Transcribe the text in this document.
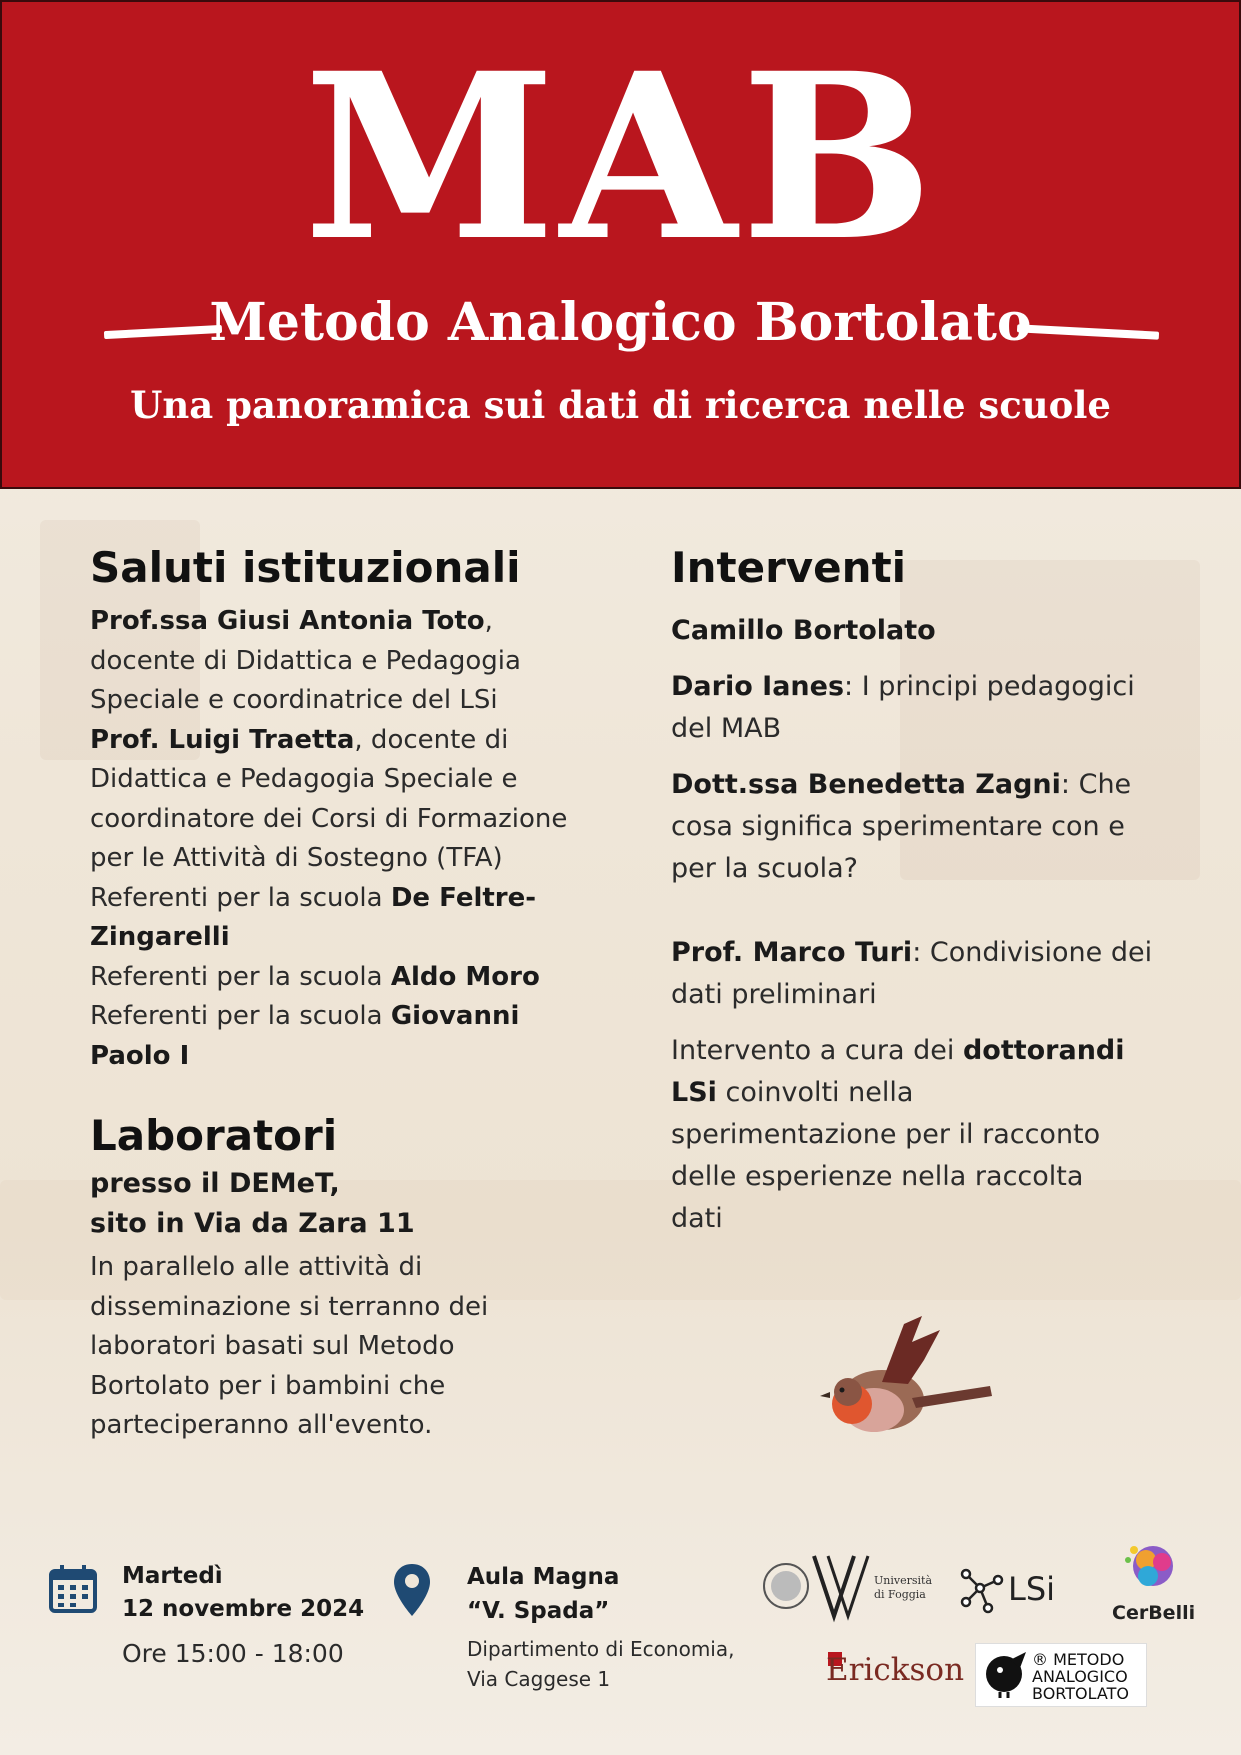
MAB
Metodo Analogico Bortolato
Una panoramica sui dati di ricerca nelle scuole
Saluti istituzionali
Prof.ssa Giusi Antonia Toto,
docente di Didattica e Pedagogia
Speciale e coordinatrice del LSi
Prof. Luigi Traetta, docente di
Didattica e Pedagogia Speciale e
coordinatore dei Corsi di Formazione
per le Attività di Sostegno (TFA)
Referenti per la scuola De Feltre-
Zingarelli
Referenti per la scuola Aldo Moro
Referenti per la scuola Giovanni
Paolo I
Laboratori
presso il DEMeT,
sito in Via da Zara 11
In parallelo alle attività di
disseminazione si terranno dei
laboratori basati sul Metodo
Bortolato per i bambini che
parteciperanno all'evento.
Interventi
Camillo Bortolato
Dario Ianes: I principi pedagogici
del MAB
Dott.ssa Benedetta Zagni: Che
cosa significa sperimentare con e
per la scuola?
Prof. Marco Turi: Condivisione dei
dati preliminari
Intervento a cura dei dottorandi
LSi coinvolti nella
sperimentazione per il racconto
delle esperienze nella raccolta
dati
Martedì
12 novembre 2024
Ore 15:00 - 18:00
Aula Magna
“V. Spada”
Dipartimento di Economia,
Via Caggese 1
Università
di Foggia	LSi
CerBelli
Erickson	® METODO
ANALOGICO
BORTOLATO
